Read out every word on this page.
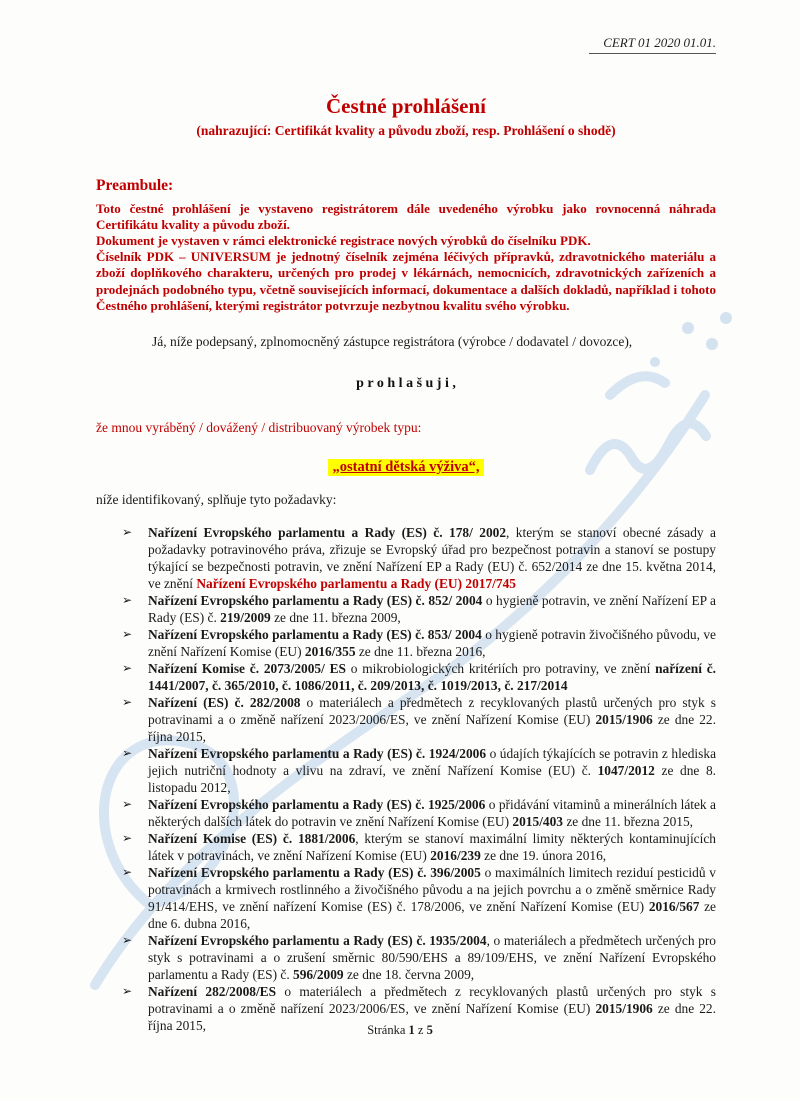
CERT 01 2020 01.01.
Čestné prohlášení
(nahrazující: Certifikát kvality a původu zboží, resp. Prohlášení o shodě)
Preambule:

Toto čestné prohlášení je vystaveno registrátorem dále uvedeného výrobku jako rovnocenná náhrada Certifikátu kvality a původu zboží.

Dokument je vystaven v rámci elektronické registrace nových výrobků do číselníku PDK.

Číselník PDK – UNIVERSUM je jednotný číselník zejména léčivých přípravků, zdravotnického materiálu a zboží doplňkového charakteru, určených pro prodej v lékárnách, nemocnicích, zdravotnických zařízeních a prodejnách podobného typu, včetně souvisejících informací, dokumentace a dalších dokladů, například i tohoto Čestného prohlášení, kterými registrátor potvrzuje nezbytnou kvalitu svého výrobku.

Já, níže podepsaný, zplnomocněný zástupce registrátora (výrobce / dodavatel / dovozce),

p r o h l a š u j i ,

že mnou vyráběný / dovážený / distribuovaný výrobek typu:

„ostatní dětská výživa“,

níže identifikovaný, splňuje tyto požadavky:

➢ Nařízení Evropského parlamentu a Rady (ES) č. 178/ 2002, kterým se stanoví obecné zásady a požadavky potravinového práva, zřizuje se Evropský úřad pro bezpečnost potravin a stanoví se postupy týkající se bezpečnosti potravin, ve znění Nařízení EP a Rady (EU) č. 652/2014 ze dne 15. května 2014, ve znění Nařízení Evropského parlamentu a Rady (EU) 2017/745
➢ Nařízení Evropského parlamentu a Rady (ES) č. 852/ 2004 o hygieně potravin, ve znění Nařízení EP a Rady (ES) č. 219/2009 ze dne 11. března 2009,
➢ Nařízení Evropského parlamentu a Rady (ES) č. 853/ 2004 o hygieně potravin živočišného původu, ve znění Nařízení Komise (EU) 2016/355 ze dne 11. března 2016,
➢ Nařízení Komise č. 2073/2005/ ES o mikrobiologických kritériích pro potraviny, ve znění nařízení č. 1441/2007, č. 365/2010, č. 1086/2011, č. 209/2013, č. 1019/2013, č. 217/2014
➢ Nařízení (ES) č. 282/2008 o materiálech a předmětech z recyklovaných plastů určených pro styk s potravinami a o změně nařízení 2023/2006/ES, ve znění Nařízení Komise (EU) 2015/1906 ze dne 22. října 2015,
➢ Nařízení Evropského parlamentu a Rady (ES) č. 1924/2006 o údajích týkajících se potravin z hlediska jejich nutriční hodnoty a vlivu na zdraví, ve znění Nařízení Komise (EU) č. 1047/2012 ze dne 8. listopadu 2012,
➢ Nařízení Evropského parlamentu a Rady (ES) č. 1925/2006 o přidávání vitaminů a minerálních látek a některých dalších látek do potravin ve znění Nařízení Komise (EU) 2015/403 ze dne 11. března 2015,
➢ Nařízení Komise (ES) č. 1881/2006, kterým se stanoví maximální limity některých kontaminujících látek v potravinách, ve znění Nařízení Komise (EU) 2016/239 ze dne 19. února 2016,
➢ Nařízení Evropského parlamentu a Rady (ES) č. 396/2005 o maximálních limitech reziduí pesticidů v potravinách a krmivech rostlinného a živočišného původu a na jejich povrchu a o změně směrnice Rady 91/414/EHS, ve znění nařízení Komise (ES) č. 178/2006, ve znění Nařízení Komise (EU) 2016/567 ze dne 6. dubna 2016,
➢ Nařízení Evropského parlamentu a Rady (ES) č. 1935/2004, o materiálech a předmětech určených pro styk s potravinami a o zrušení směrnic 80/590/EHS a 89/109/EHS, ve znění Nařízení Evropského parlamentu a Rady (ES) č. 596/2009 ze dne 18. června 2009,
➢ Nařízení 282/2008/ES o materiálech a předmětech z recyklovaných plastů určených pro styk s potravinami a o změně nařízení 2023/2006/ES, ve znění Nařízení Komise (EU) 2015/1906 ze dne 22. října 2015,	Stránka 1 z 5
